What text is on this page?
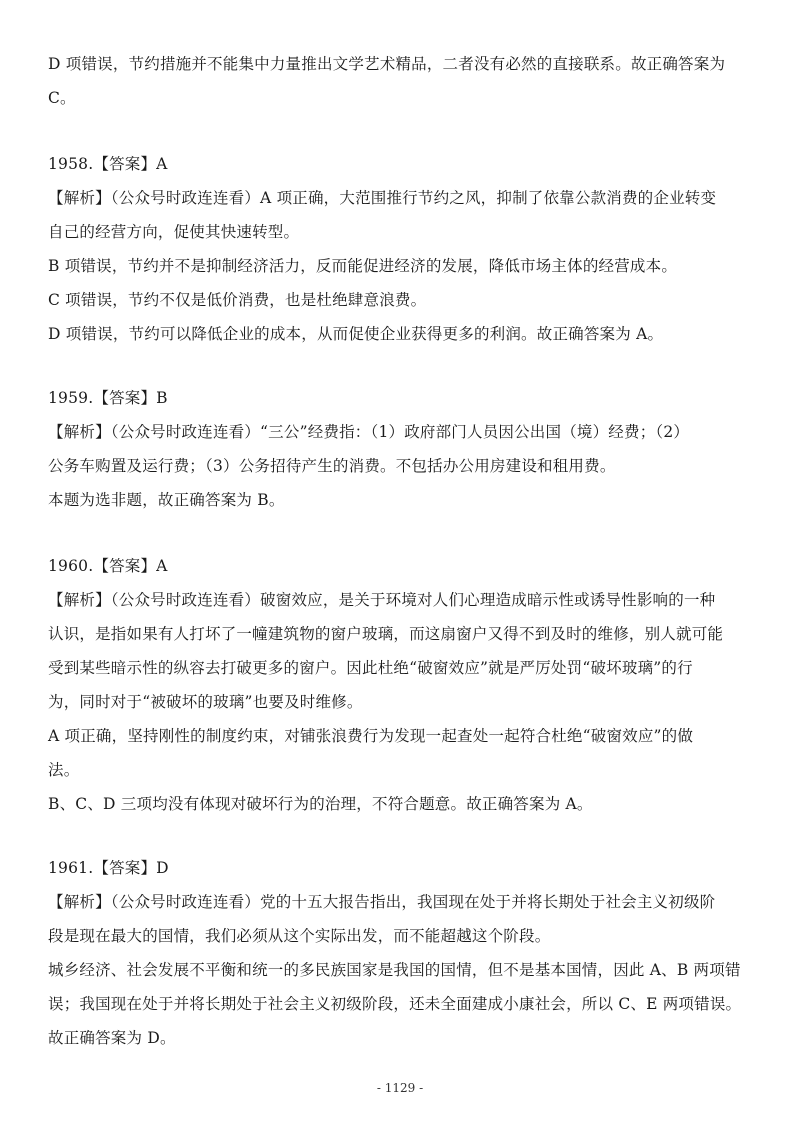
D 项错误，节约措施并不能集中力量推出文学艺术精品，二者没有必然的直接联系。故正确答案为
C。
1958.【答案】A
【解析】（公众号时政连连看）A 项正确，大范围推行节约之风，抑制了依靠公款消费的企业转变
自己的经营方向，促使其快速转型。
B 项错误，节约并不是抑制经济活力，反而能促进经济的发展，降低市场主体的经营成本。
C 项错误，节约不仅是低价消费，也是杜绝肆意浪费。
D 项错误，节约可以降低企业的成本，从而促使企业获得更多的利润。故正确答案为 A。
1959.【答案】B
【解析】（公众号时政连连看）“三公”经费指：（1）政府部门人员因公出国（境）经费；（2）
公务车购置及运行费；（3）公务招待产生的消费。不包括办公用房建设和租用费。
本题为选非题，故正确答案为 B。
1960.【答案】A
【解析】（公众号时政连连看）破窗效应，是关于环境对人们心理造成暗示性或诱导性影响的一种
认识，是指如果有人打坏了一幢建筑物的窗户玻璃，而这扇窗户又得不到及时的维修，别人就可能
受到某些暗示性的纵容去打破更多的窗户。因此杜绝“破窗效应”就是严厉处罚“破坏玻璃”的行
为，同时对于“被破坏的玻璃”也要及时维修。
A 项正确，坚持刚性的制度约束，对铺张浪费行为发现一起查处一起符合杜绝“破窗效应”的做
法。
B、C、D 三项均没有体现对破坏行为的治理，不符合题意。故正确答案为 A。
1961.【答案】D
【解析】（公众号时政连连看）党的十五大报告指出，我国现在处于并将长期处于社会主义初级阶
段是现在最大的国情，我们必须从这个实际出发，而不能超越这个阶段。
城乡经济、社会发展不平衡和统一的多民族国家是我国的国情，但不是基本国情，因此 A、B 两项错
误；我国现在处于并将长期处于社会主义初级阶段，还未全面建成小康社会，所以 C、E 两项错误。
故正确答案为 D。
- 1129 -
